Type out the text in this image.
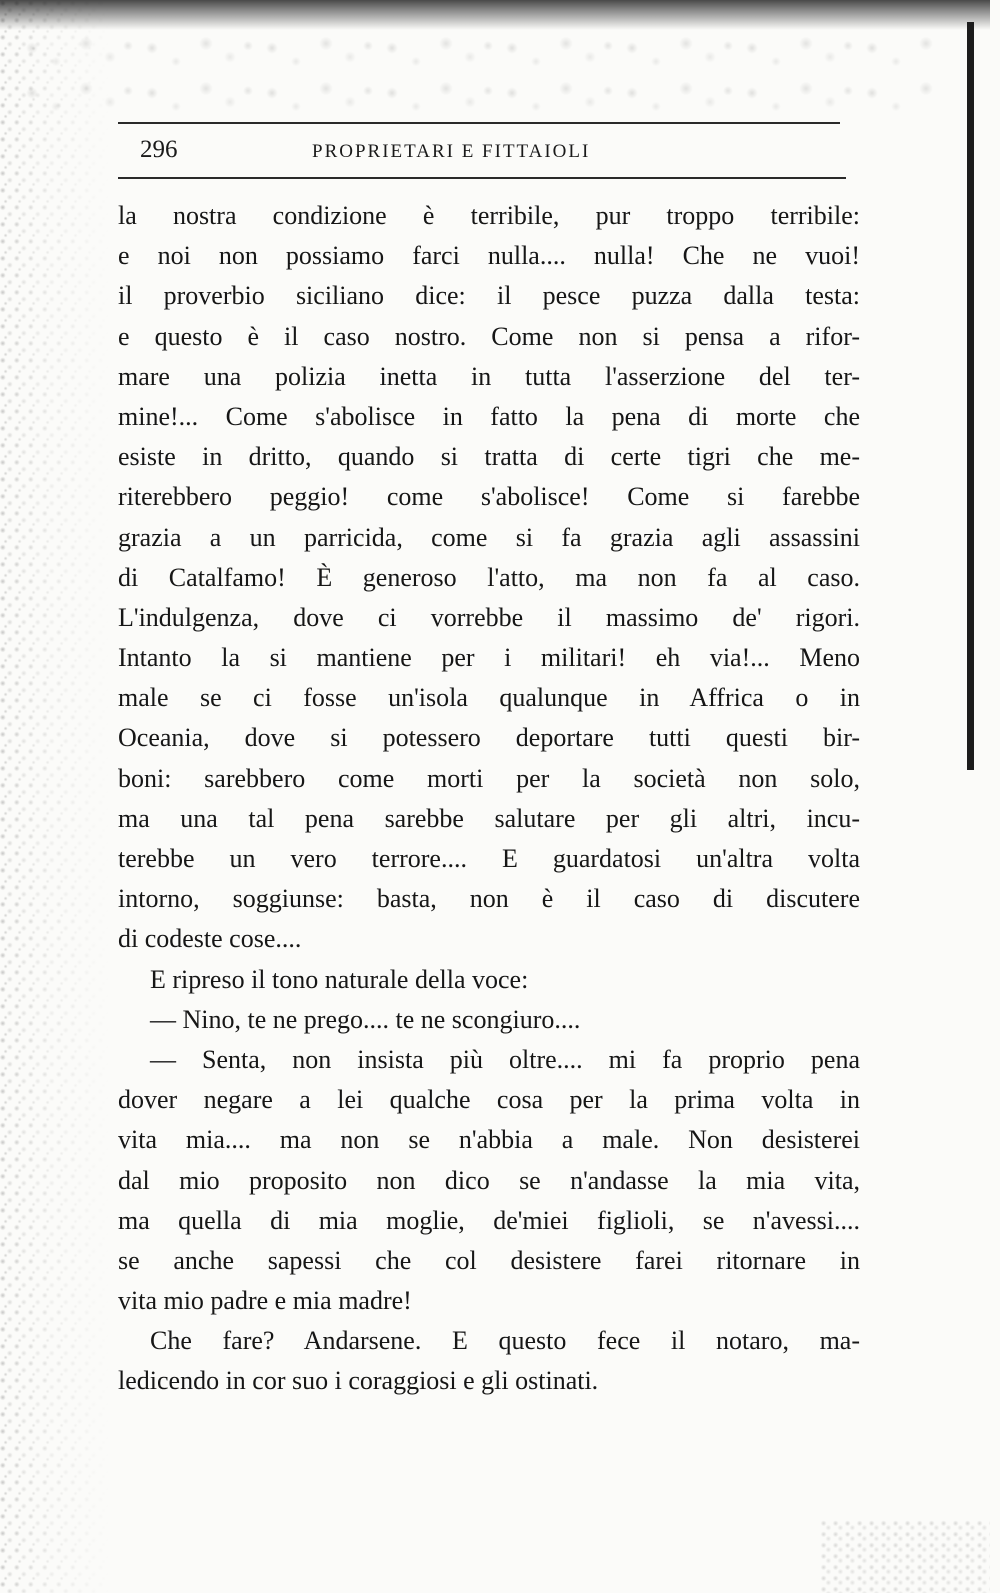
296	PROPRIETARI E FITTAIOLI
la nostra condizione è terribile, pur troppo terribile:
e noi non possiamo farci nulla.... nulla! Che ne vuoi!
il proverbio siciliano dice: il pesce puzza dalla testa:
e questo è il caso nostro. Come non si pensa a rifor-
mare una polizia inetta in tutta l'asserzione del ter-
mine!... Come s'abolisce in fatto la pena di morte che
esiste in dritto, quando si tratta di certe tigri che me-
riterebbero peggio! come s'abolisce! Come si farebbe
grazia a un parricida, come si fa grazia agli assassini
di Catalfamo! È generoso l'atto, ma non fa al caso.
L'indulgenza, dove ci vorrebbe il massimo de' rigori.
Intanto la si mantiene per i militari! eh via!... Meno
male se ci fosse un'isola qualunque in Affrica o in
Oceania, dove si potessero deportare tutti questi bir-
boni: sarebbero come morti per la società non solo,
ma una tal pena sarebbe salutare per gli altri, incu-
terebbe un vero terrore.... E guardatosi un'altra volta
intorno, soggiunse: basta, non è il caso di discutere
di codeste cose....
E ripreso il tono naturale della voce:
— Nino, te ne prego.... te ne scongiuro....
— Senta, non insista più oltre.... mi fa proprio pena
dover negare a lei qualche cosa per la prima volta in
vita mia.... ma non se n'abbia a male. Non desisterei
dal mio proposito non dico se n'andasse la mia vita,
ma quella di mia moglie, de'miei figlioli, se n'avessi....
se anche sapessi che col desistere farei ritornare in
vita mio padre e mia madre!
Che fare? Andarsene. E questo fece il notaro, ma-
ledicendo in cor suo i coraggiosi e gli ostinati.
